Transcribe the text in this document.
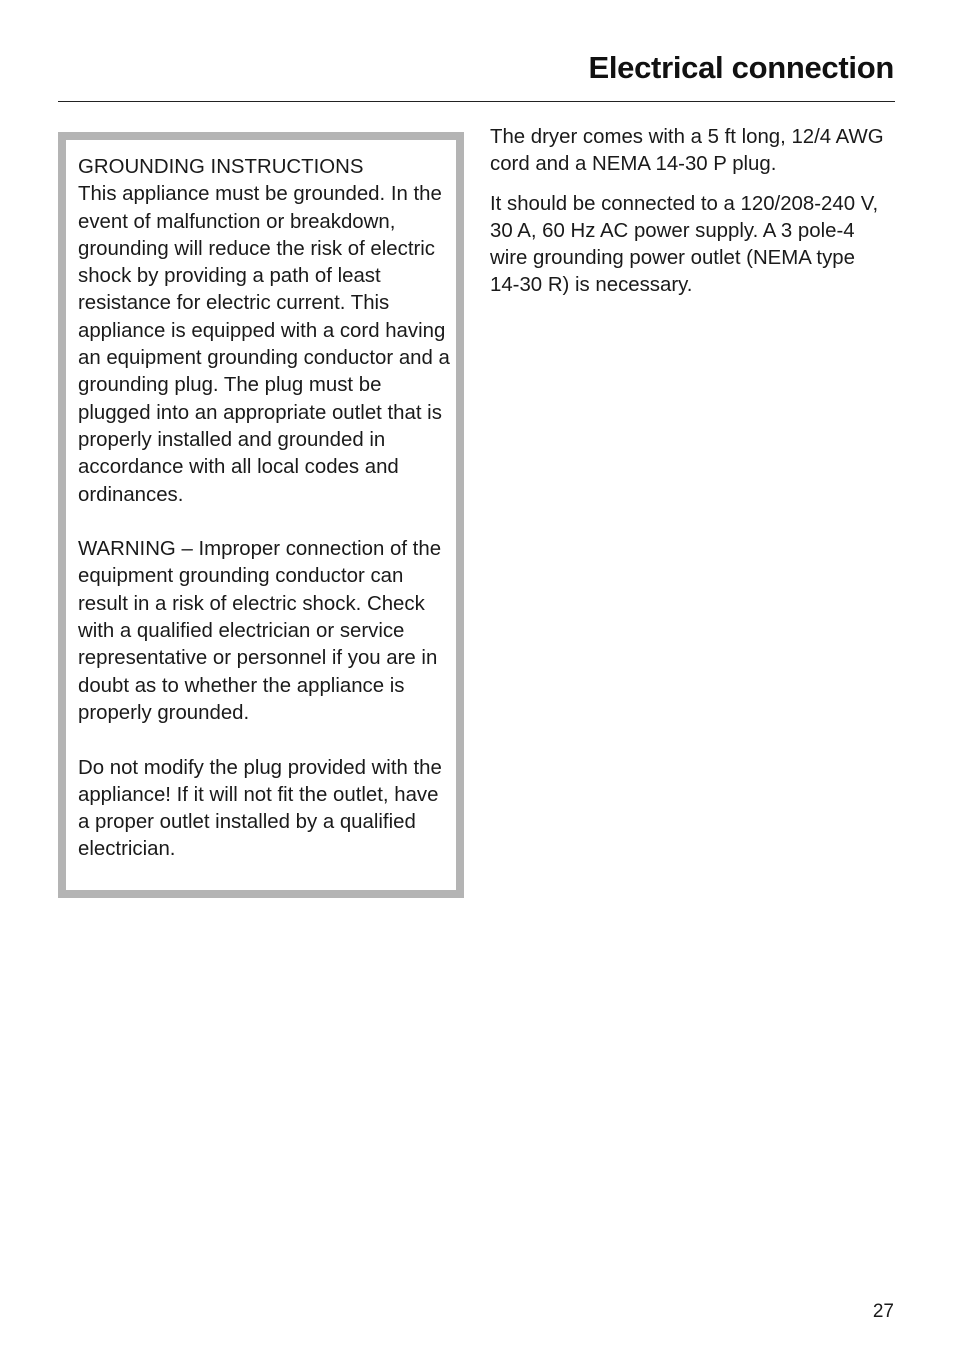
Electrical connection

GROUNDING INSTRUCTIONS

This appliance must be grounded. In the event of malfunction or breakdown, grounding will reduce the risk of electric shock by providing a path of least resistance for electric current. This appliance is equipped with a cord having an equipment grounding conductor and a grounding plug. The plug must be plugged into an appropriate outlet that is properly installed and grounded in accordance with all local codes and ordinances.

WARNING – Improper connection of the equipment grounding conductor can result in a risk of electric shock. Check with a qualified electrician or service representative or personnel if you are in doubt as to whether the appliance is properly grounded.

Do not modify the plug provided with the appliance! If it will not fit the outlet, have a proper outlet installed by a qualified electrician.

The dryer comes with a 5 ft long, 12/4 AWG cord and a NEMA 14-30 P plug.

It should be connected to a 120/208-240 V, 30 A, 60 Hz AC power supply. A 3 pole-4 wire grounding power outlet (NEMA type 14-30 R) is necessary.

27
